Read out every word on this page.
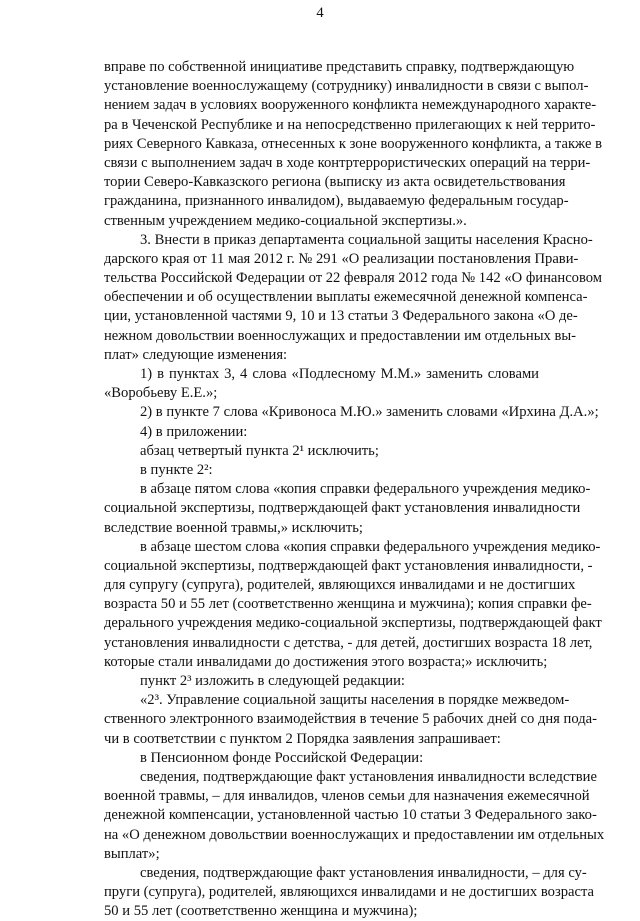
4
вправе по собственной инициативе представить справку, подтверждающую
установление военнослужащему (сотруднику) инвалидности в связи с выпол-
нением задач в условиях вооруженного конфликта немеждународного характе-
ра в Чеченской Республике и на непосредственно прилегающих к ней террито-
риях Северного Кавказа, отнесенных к зоне вооруженного конфликта, а также в
связи с выполнением задач в ходе контртеррористических операций на терри-
тории Северо-Кавказского региона (выписку из акта освидетельствования
гражданина, признанного инвалидом), выдаваемую федеральным государ-
ственным учреждением медико-социальной экспертизы.».
3. Внести в приказ департамента социальной защиты населения Красно-
дарского края от 11 мая 2012 г. № 291 «О реализации постановления Прави-
тельства Российской Федерации от 22 февраля 2012 года № 142 «О финансовом
обеспечении и об осуществлении выплаты ежемесячной денежной компенса-
ции, установленной частями 9, 10 и 13 статьи 3 Федерального закона «О де-
нежном довольствии военнослужащих и предоставлении им отдельных вы-
плат» следующие изменения:
1) в пунктах 3, 4 слова «Подлесному М.М.» заменить словами
«Воробьеву Е.Е.»;
2) в пункте 7 слова «Кривоноса М.Ю.» заменить словами «Ирхина Д.А.»;
4) в приложении:
абзац четвертый пункта 2¹ исключить;
в пункте 2²:
в абзаце пятом слова «копия справки федерального учреждения медико-
социальной экспертизы, подтверждающей факт установления инвалидности
вследствие военной травмы,» исключить;
в абзаце шестом слова «копия справки федерального учреждения медико-
социальной экспертизы, подтверждающей факт установления инвалидности, -
для супругу (супруга), родителей, являющихся инвалидами и не достигших
возраста 50 и 55 лет (соответственно женщина и мужчина); копия справки фе-
дерального учреждения медико-социальной экспертизы, подтверждающей факт
установления инвалидности с детства, - для детей, достигших возраста 18 лет,
которые стали инвалидами до достижения этого возраста;» исключить;
пункт 2³ изложить в следующей редакции:
«2³. Управление социальной защиты населения в порядке межведом-
ственного электронного взаимодействия в течение 5 рабочих дней со дня пода-
чи в соответствии с пунктом 2 Порядка заявления запрашивает:
в Пенсионном фонде Российской Федерации:
сведения, подтверждающие факт установления инвалидности вследствие
военной травмы, – для инвалидов, членов семьи для назначения ежемесячной
денежной компенсации, установленной частью 10 статьи 3 Федерального зако-
на «О денежном довольствии военнослужащих и предоставлении им отдельных
выплат»;
сведения, подтверждающие факт установления инвалидности, – для су-
пруги (супруга), родителей, являющихся инвалидами и не достигших возраста
50 и 55 лет (соответственно женщина и мужчина);
